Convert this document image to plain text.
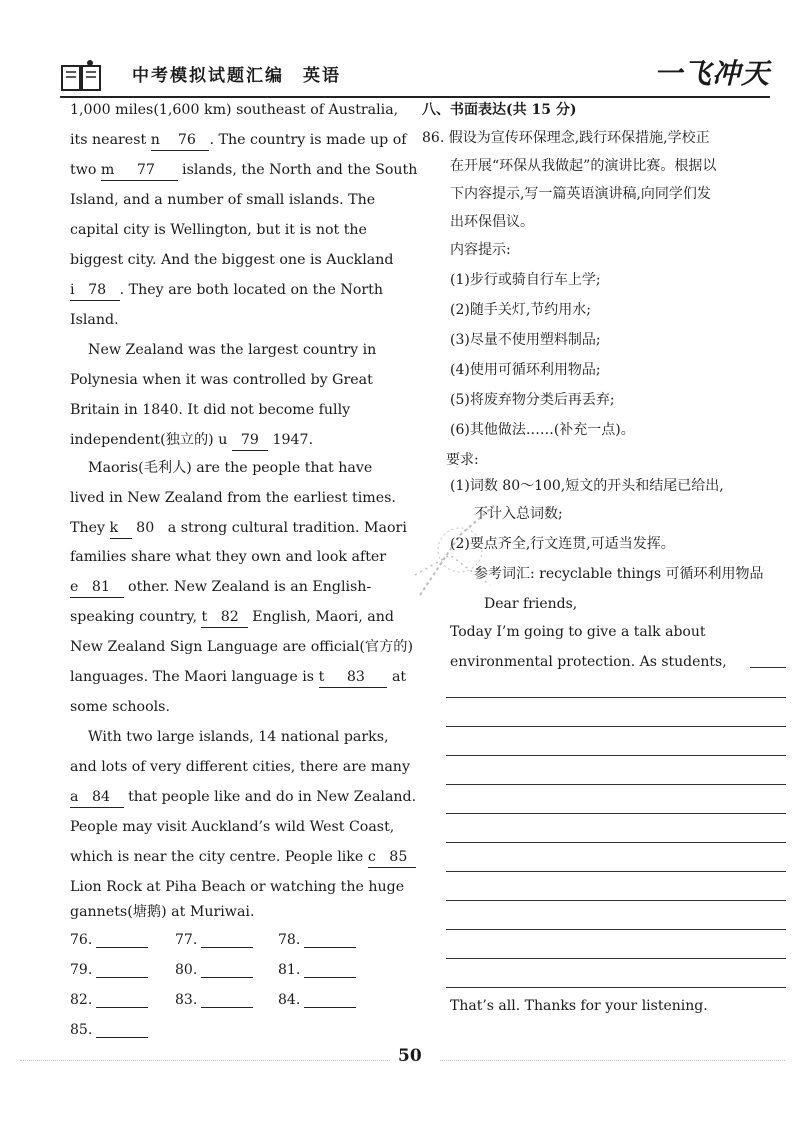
中考模拟试题汇编　英语	一飞冲天
1,000 miles(1,600 km) southeast of Australia,
its nearest n    76   . The country is made up of
two m     77      islands, the North and the South
Island, and a number of small islands. The
capital city is Wellington, but it is not the
biggest city. And the biggest one is Auckland
i   78   . They are both located on the North
Island.
New Zealand was the largest country in
Polynesia when it was controlled by Great
Britain in 1840. It did not become fully
independent(独立的) u   79   1947.
Maoris(毛利人) are the people that have
lived in New Zealand from the earliest times.
They k    80   a strong cultural tradition. Maori
families share what they own and look after
e   81    other. New Zealand is an English-
speaking country, t   82   English, Maori, and
New Zealand Sign Language are official(官方的)
languages. The Maori language is t     83      at
some schools.
With two large islands, 14 national parks,
and lots of very different cities, there are many
a   84    that people like and do in New Zealand.
People may visit Auckland’s wild West Coast,
which is near the city centre. People like c   85
Lion Rock at Piha Beach or watching the huge
gannets(塘鹅) at Muriwai.
76.	77.	78.
79.	80.	81.
82.	83.	84.
85.
八、书面表达(共 15 分)
86. 假设为宣传环保理念,践行环保措施,学校正
在开展“环保从我做起”的演讲比赛。根据以
下内容提示,写一篇英语演讲稿,向同学们发
出环保倡议。
内容提示:
(1)步行或骑自行车上学;
(2)随手关灯,节约用水;
(3)尽量不使用塑料制品;
(4)使用可循环利用物品;
(5)将废弃物分类后再丢弃;
(6)其他做法……(补充一点)。
要求:
(1)词数 80～100,短文的开头和结尾已给出,
不计入总词数;
(2)要点齐全,行文连贯,可适当发挥。
参考词汇: recyclable things 可循环利用物品
Dear friends,
Today I’m going to give a talk about
environmental protection. As students,
That’s all. Thanks for your listening.
50
